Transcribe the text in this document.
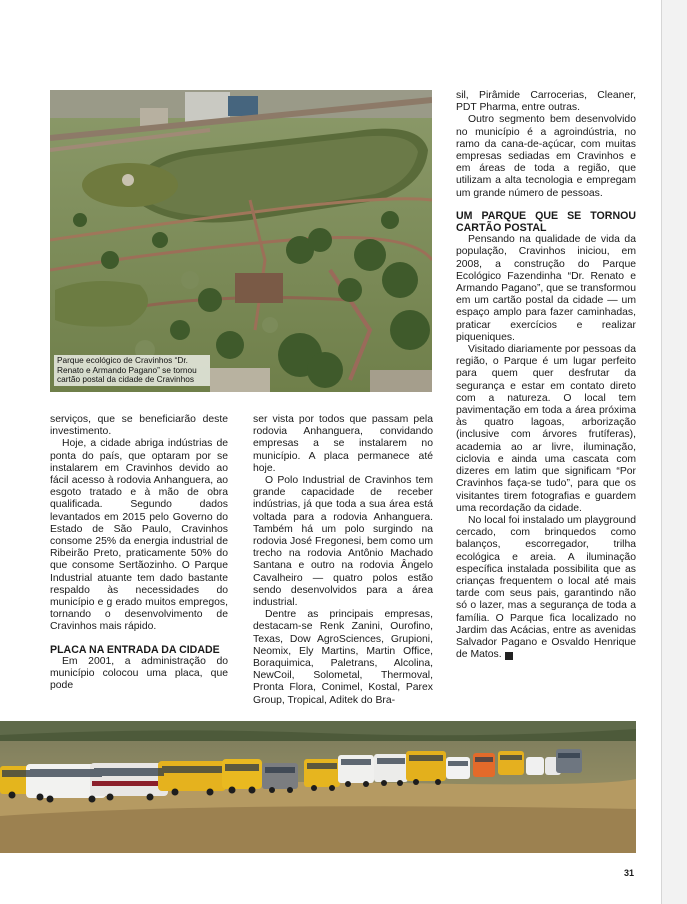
Parque ecológico de Cravinhos “Dr. Renato e Armando Pagano” se tornou cartão postal da cidade de Cravinhos

sil, Pirâmide Carrocerias, Cleaner, PDT Pharma, entre outras.

Outro segmento bem desenvolvido no município é a agroindústria, no ramo da cana-de-açúcar, com muitas empresas sediadas em Cravinhos e em áreas de toda a região, que utilizam a alta tecnologia e empregam um grande número de pessoas.

UM PARQUE QUE SE TORNOU CARTÃO POSTAL

Pensando na qualidade de vida da população, Cravinhos iniciou, em 2008, a construção do Parque Ecológico Fazendinha “Dr. Renato e Armando Pagano”, que se transformou em um cartão postal da cidade — um espaço amplo para fazer caminhadas, praticar exercícios e realizar piqueniques.

Visitado diariamente por pessoas da região, o Parque é um lugar perfeito para quem quer desfrutar da segurança e estar em contato direto com a natureza. O local tem pavimentação em toda a área próxima às quatro lagoas, arborização (inclusive com árvores frutíferas), academia ao ar livre, iluminação, ciclovia e ainda uma cascata com dizeres em latim que significam “Por Cravinhos faça-se tudo”, para que os visitantes tirem fotografias e guardem uma recordação da cidade.

No local foi instalado um playground cercado, com brinquedos como balanços, escorregador, trilha ecológica e areia. A iluminação específica instalada possibilita que as crianças frequentem o local até mais tarde com seus pais, garantindo não só o lazer, mas a segurança de toda a família. O Parque fica localizado no Jardim das Acácias, entre as avenidas Salvador Pagano e Osvaldo Henrique de Matos. r

serviços, que se beneficiarão deste investimento.

Hoje, a cidade abriga indústrias de ponta do país, que optaram por se instalarem em Cravinhos devido ao fácil acesso à rodovia Anhanguera, ao esgoto tratado e à mão de obra qualificada. Segundo dados levantados em 2015 pelo Governo do Estado de São Paulo, Cravinhos consome 25% da energia industrial de Ribeirão Preto, praticamente 50% do que consome Sertãozinho. O Parque Industrial atuante tem dado bastante respaldo às necessidades do município e g erado muitos empregos, tornando o desenvolvimento de Cravinhos mais rápido.

PLACA NA ENTRADA DA CIDADE

Em 2001, a administração do município colocou uma placa, que pode

ser vista por todos que passam pela rodovia Anhanguera, convidando empresas a se instalarem no município. A placa permanece até hoje.

O Polo Industrial de Cravinhos tem grande capacidade de receber indústrias, já que toda a sua área está voltada para a rodovia Anhanguera. Também há um polo surgindo na rodovia José Fregonesi, bem como um trecho na rodovia Antônio Machado Santana e outro na rodovia Ângelo Cavalheiro — quatro polos estão sendo desenvolvidos para a área industrial.

Dentre as principais empresas, destacam-se Renk Zanini, Ourofino, Texas, Dow AgroSciences, Grupioni, Neomix, Ely Martins, Martin Office, Boraquimica, Paletrans, Alcolina, NewCoil, Solometal, Thermoval, Pronta Flora, Conimel, Kostal, Parex Group, Tropical, Aditek do Bra-

31
